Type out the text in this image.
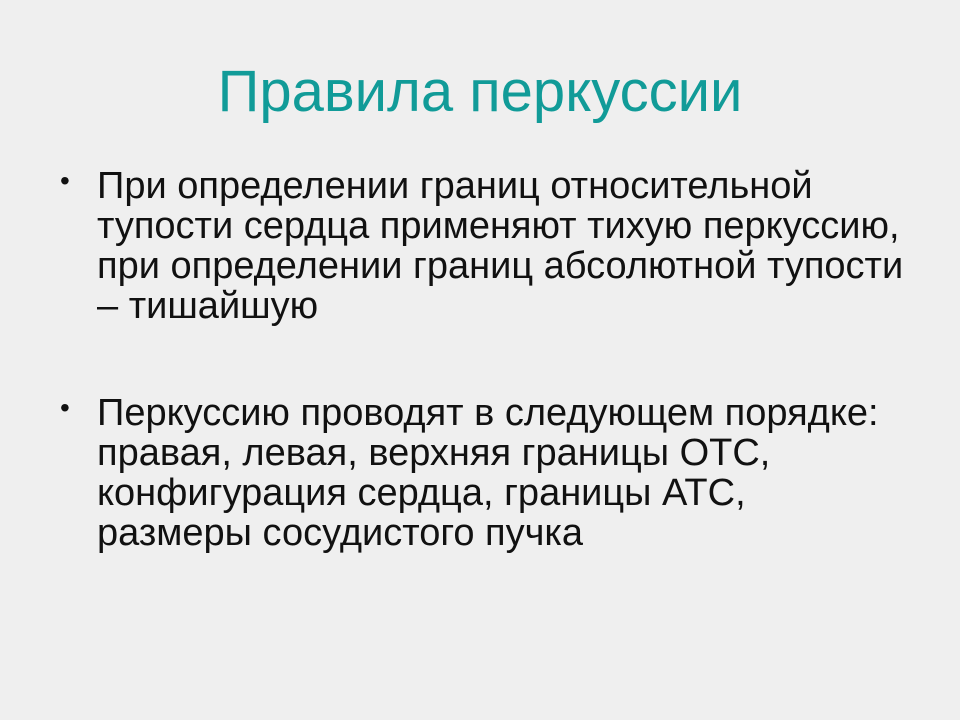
Правила перкуссии
• При определении границ относительной тупости сердца применяют тихую перкуссию, при определении границ абсолютной тупости – тишайшую
• Перкуссию проводят в следующем порядке: правая, левая, верхняя границы ОТС, конфигурация сердца, границы АТС, размеры сосудистого пучка
